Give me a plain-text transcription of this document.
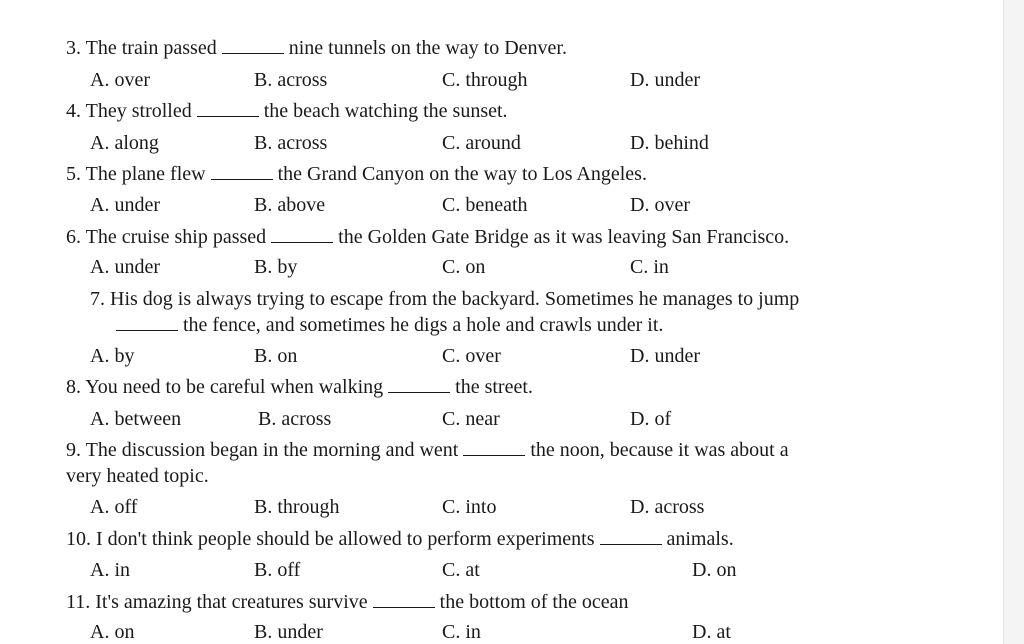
3. The train passed	nine tunnels on the way to Denver.
A. over	B. across	C. through	D. under
4. They strolled	the beach watching the sunset.
A. along	B. across	C. around	D. behind
5. The plane flew	the Grand Canyon on the way to Los Angeles.
A. under	B. above	C. beneath	D. over
6. The cruise ship passed	the Golden Gate Bridge as it was leaving San Francisco.
A. under	B. by	C. on	C. in
7. His dog is always trying to escape from the backyard. Sometimes he manages to jump
the fence, and sometimes he digs a hole and crawls under it.
A. by	B. on	C. over	D. under
8. You need to be careful when walking	the street.
A. between	B. across	C. near	D. of
9. The discussion began in the morning and went	the noon, because it was about a
very heated topic.
A. off	B. through	C. into	D. across
10. I don't think people should be allowed to perform experiments	animals.
A. in	B. off	C. at	D. on
11. It's amazing that creatures survive	the bottom of the ocean
A. on	B. under	C. in	D. at
